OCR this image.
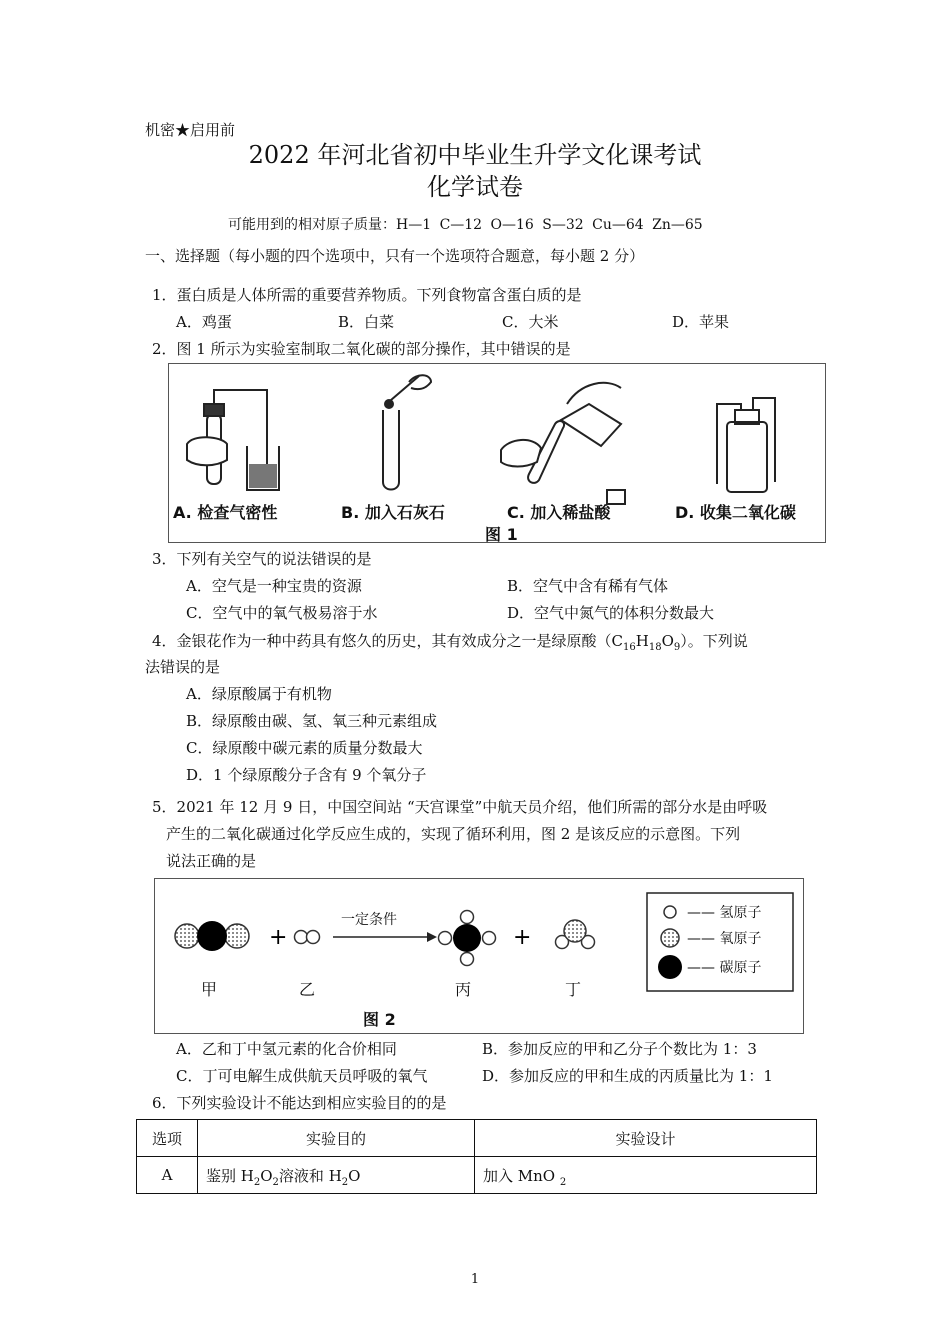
机密★启用前
2022 年河北省初中毕业生升学文化课考试
化学试卷
可能用到的相对原子质量：H—1 C—12 O—16 S—32 Cu—64 Zn—65
一、选择题（每小题的四个选项中，只有一个选项符合题意，每小题 2 分）
1．蛋白质是人体所需的重要营养物质。下列食物富含蛋白质的是
A．鸡蛋	B．白菜	C．大米	D．苹果
2．图 1 所示为实验室制取二氧化碳的部分操作，其中错误的是
A. 检查气密性	B. 加入石灰石	C. 加入稀盐酸	D. 收集二氧化碳
图 1
3．下列有关空气的说法错误的是
A．空气是一种宝贵的资源	B．空气中含有稀有气体
C．空气中的氧气极易溶于水	D．空气中氮气的体积分数最大
4．金银花作为一种中药具有悠久的历史，其有效成分之一是绿原酸$(C_{16}H_{18}O_9)$。下列说
法错误的是
A．绿原酸属于有机物
B．绿原酸由碳、氢、氧三种元素组成
C．绿原酸中碳元素的质量分数最大
D．1 个绿原酸分子含有 9 个氧分子
5．2021 年 12 月 9 日，中国空间站 “天宫课堂”中航天员介绍，他们所需的部分水是由呼吸
产生的二氧化碳通过化学反应生成的，实现了循环利用，图 2 是该反应的示意图。下列
说法正确的是
+	+
甲	乙	丙	丁
一定条件	—— 氢原子
—— 氧原子
—— 碳原子
图 2
A．乙和丁中氢元素的化合价相同	B．参加反应的甲和乙分子个数比为 1：3
C．丁可电解生成供航天员呼吸的氧气	D．参加反应的甲和生成的丙质量比为 1：1
6．下列实验设计不能达到相应实验目的的是
选项	实验目的	实验设计
A	鉴别 $H_2O_2$溶液和 $H_2O$	加入 MnO $_2$
1
